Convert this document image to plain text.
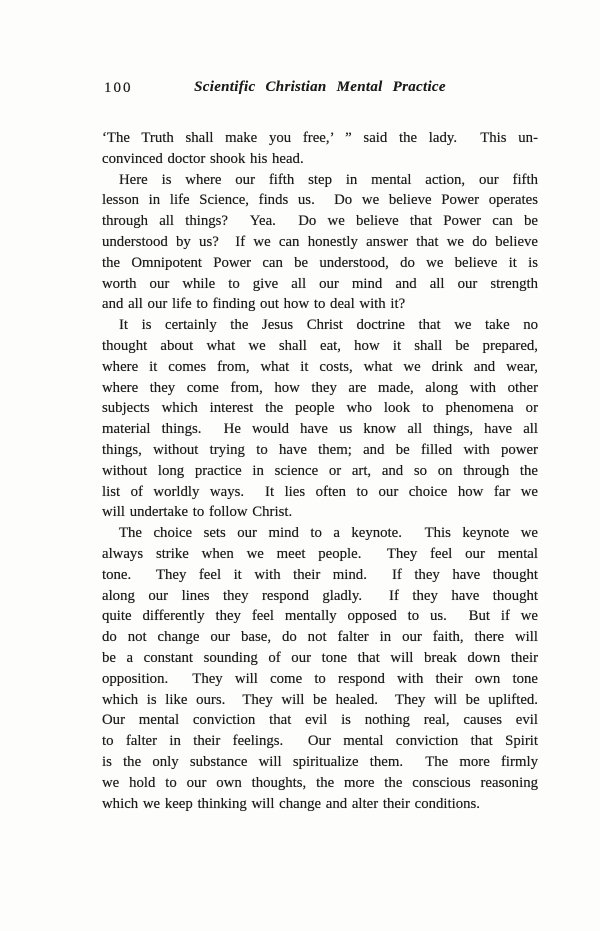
100	Scientific Christian Mental Practice
‘The Truth shall make you free,’ ” said the lady.  This un-
convinced doctor shook his head.
Here is where our fifth step in mental action, our fifth
lesson in life Science, finds us.  Do we believe Power operates
through all things?  Yea.  Do we believe that Power can be
understood by us?  If we can honestly answer that we do believe
the Omnipotent Power can be understood, do we believe it is
worth our while to give all our mind and all our strength
and all our life to finding out how to deal with it?
It is certainly the Jesus Christ doctrine that we take no
thought about what we shall eat, how it shall be prepared,
where it comes from, what it costs, what we drink and wear,
where they come from, how they are made, along with other
subjects which interest the people who look to phenomena or
material things.  He would have us know all things, have all
things, without trying to have them; and be filled with power
without long practice in science or art, and so on through the
list of worldly ways.  It lies often to our choice how far we
will undertake to follow Christ.
The choice sets our mind to a keynote.  This keynote we
always strike when we meet people.  They feel our mental
tone.  They feel it with their mind.  If they have thought
along our lines they respond gladly.  If they have thought
quite differently they feel mentally opposed to us.  But if we
do not change our base, do not falter in our faith, there will
be a constant sounding of our tone that will break down their
opposition.  They will come to respond with their own tone
which is like ours.  They will be healed.  They will be uplifted.
Our mental conviction that evil is nothing real, causes evil
to falter in their feelings.  Our mental conviction that Spirit
is the only substance will spiritualize them.  The more firmly
we hold to our own thoughts, the more the conscious reasoning
which we keep thinking will change and alter their conditions.
